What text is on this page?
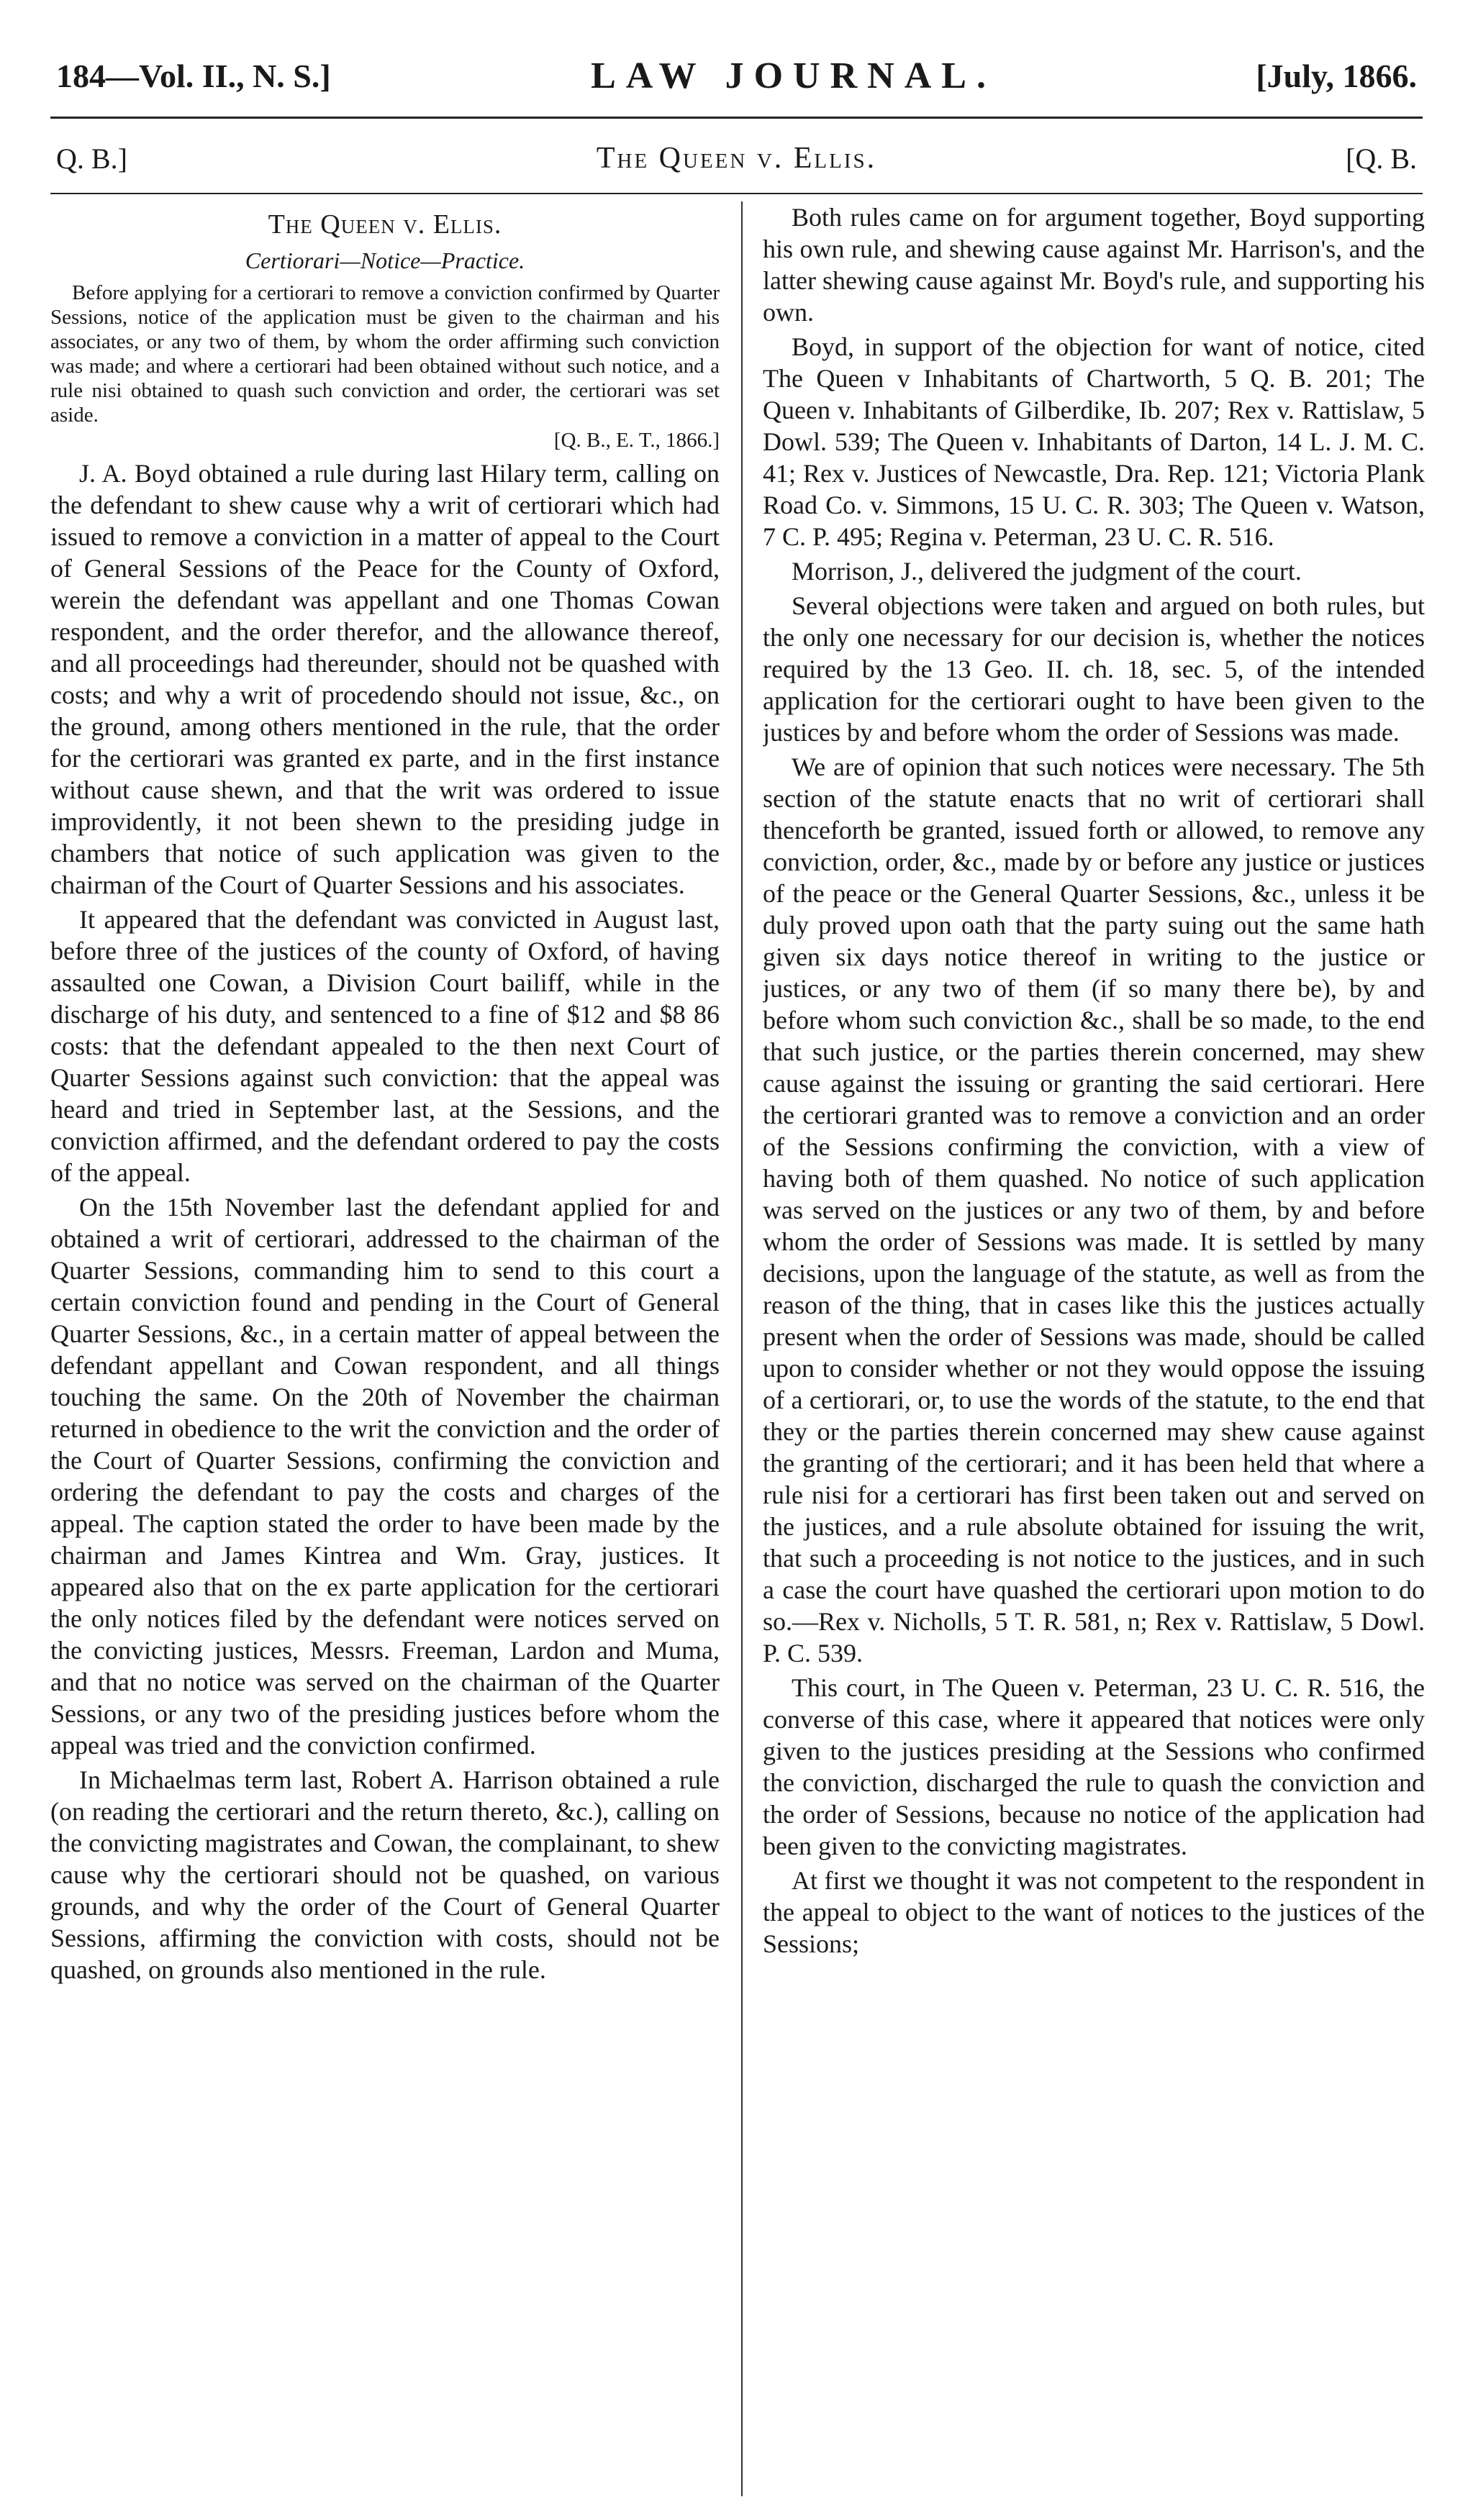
184—Vol. II., N. S.]	LAW JOURNAL.	[July, 1866.
Q. B.]	The Queen v. Ellis.	[Q. B.
The Queen v. Ellis.
Certiorari—Notice—Practice.

Before applying for a certiorari to remove a conviction confirmed by Quarter Sessions, notice of the application must be given to the chairman and his associates, or any two of them, by whom the order affirming such conviction was made; and where a certiorari had been obtained without such notice, and a rule nisi obtained to quash such conviction and order, the certiorari was set aside.

[Q. B., E. T., 1866.]

J. A. Boyd obtained a rule during last Hilary term, calling on the defendant to shew cause why a writ of certiorari which had issued to remove a conviction in a matter of appeal to the Court of General Sessions of the Peace for the County of Oxford, werein the defendant was appellant and one Thomas Cowan respondent, and the order therefor, and the allowance thereof, and all proceedings had thereunder, should not be quashed with costs; and why a writ of procedendo should not issue, &c., on the ground, among others mentioned in the rule, that the order for the certiorari was granted ex parte, and in the first instance without cause shewn, and that the writ was ordered to issue improvidently, it not been shewn to the presiding judge in chambers that notice of such application was given to the chairman of the Court of Quarter Sessions and his associates.

It appeared that the defendant was convicted in August last, before three of the justices of the county of Oxford, of having assaulted one Cowan, a Division Court bailiff, while in the discharge of his duty, and sentenced to a fine of $12 and $8 86 costs: that the defendant appealed to the then next Court of Quarter Sessions against such conviction: that the appeal was heard and tried in September last, at the Sessions, and the conviction affirmed, and the defendant ordered to pay the costs of the appeal.

On the 15th November last the defendant applied for and obtained a writ of certiorari, addressed to the chairman of the Quarter Sessions, commanding him to send to this court a certain conviction found and pending in the Court of General Quarter Sessions, &c., in a certain matter of appeal between the defendant appellant and Cowan respondent, and all things touching the same. On the 20th of November the chairman returned in obedience to the writ the conviction and the order of the Court of Quarter Sessions, confirming the conviction and ordering the defendant to pay the costs and charges of the appeal. The caption stated the order to have been made by the chairman and James Kintrea and Wm. Gray, justices. It appeared also that on the ex parte application for the certiorari the only notices filed by the defendant were notices served on the convicting justices, Messrs. Freeman, Lardon and Muma, and that no notice was served on the chairman of the Quarter Sessions, or any two of the presiding justices before whom the appeal was tried and the conviction confirmed.

In Michaelmas term last, Robert A. Harrison obtained a rule (on reading the certiorari and the return thereto, &c.), calling on the convicting magistrates and Cowan, the complainant, to shew cause why the certiorari should not be quashed, on various grounds, and why the order of the Court of General Quarter Sessions, affirming the conviction with costs, should not be quashed, on grounds also mentioned in the rule.

Both rules came on for argument together, Boyd supporting his own rule, and shewing cause against Mr. Harrison's, and the latter shewing cause against Mr. Boyd's rule, and supporting his own.

Boyd, in support of the objection for want of notice, cited The Queen v Inhabitants of Chartworth, 5 Q. B. 201; The Queen v. Inhabitants of Gilberdike, Ib. 207; Rex v. Rattislaw, 5 Dowl. 539; The Queen v. Inhabitants of Darton, 14 L. J. M. C. 41; Rex v. Justices of Newcastle, Dra. Rep. 121; Victoria Plank Road Co. v. Simmons, 15 U. C. R. 303; The Queen v. Watson, 7 C. P. 495; Regina v. Peterman, 23 U. C. R. 516.

Morrison, J., delivered the judgment of the court.

Several objections were taken and argued on both rules, but the only one necessary for our decision is, whether the notices required by the 13 Geo. II. ch. 18, sec. 5, of the intended application for the certiorari ought to have been given to the justices by and before whom the order of Sessions was made.

We are of opinion that such notices were necessary. The 5th section of the statute enacts that no writ of certiorari shall thenceforth be granted, issued forth or allowed, to remove any conviction, order, &c., made by or before any justice or justices of the peace or the General Quarter Sessions, &c., unless it be duly proved upon oath that the party suing out the same hath given six days notice thereof in writing to the justice or justices, or any two of them (if so many there be), by and before whom such conviction &c., shall be so made, to the end that such justice, or the parties therein concerned, may shew cause against the issuing or granting the said certiorari. Here the certiorari granted was to remove a conviction and an order of the Sessions confirming the conviction, with a view of having both of them quashed. No notice of such application was served on the justices or any two of them, by and before whom the order of Sessions was made. It is settled by many decisions, upon the language of the statute, as well as from the reason of the thing, that in cases like this the justices actually present when the order of Sessions was made, should be called upon to consider whether or not they would oppose the issuing of a certiorari, or, to use the words of the statute, to the end that they or the parties therein concerned may shew cause against the granting of the certiorari; and it has been held that where a rule nisi for a certiorari has first been taken out and served on the justices, and a rule absolute obtained for issuing the writ, that such a proceeding is not notice to the justices, and in such a case the court have quashed the certiorari upon motion to do so.—Rex v. Nicholls, 5 T. R. 581, n; Rex v. Rattislaw, 5 Dowl. P. C. 539.

This court, in The Queen v. Peterman, 23 U. C. R. 516, the converse of this case, where it appeared that notices were only given to the justices presiding at the Sessions who confirmed the conviction, discharged the rule to quash the conviction and the order of Sessions, because no notice of the application had been given to the convicting magistrates.

At first we thought it was not competent to the respondent in the appeal to object to the want of notices to the justices of the Sessions;
